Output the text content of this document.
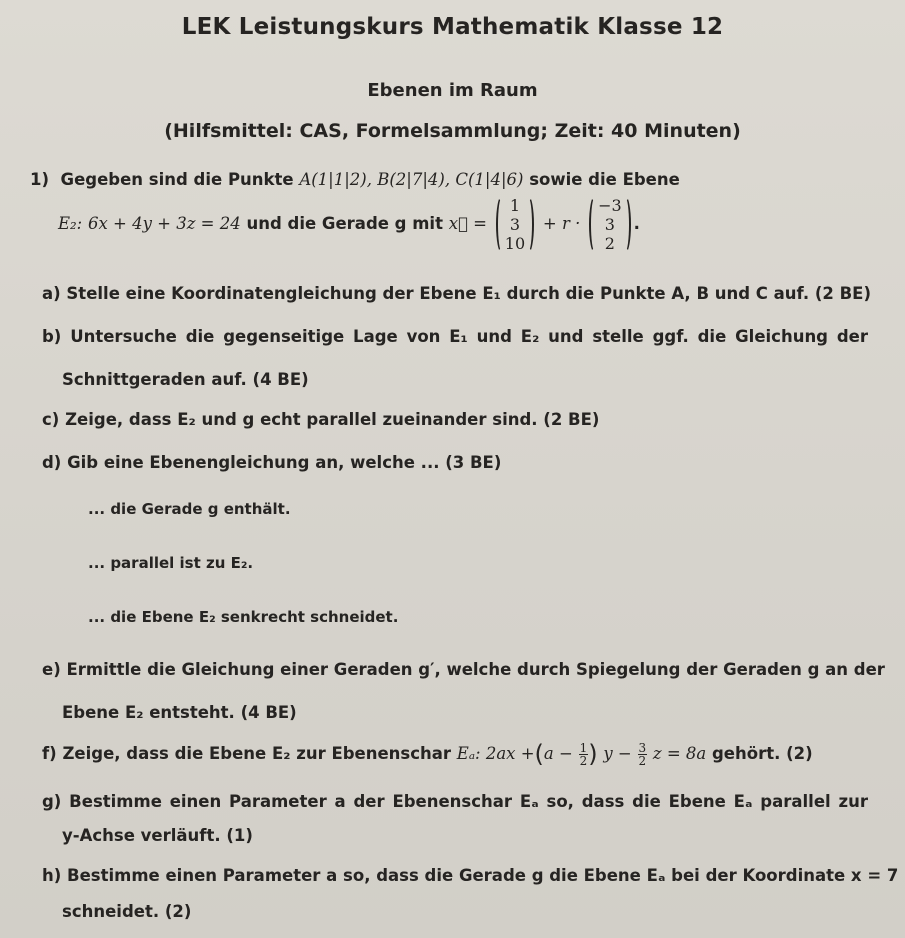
LEK Leistungskurs Mathematik Klasse 12
Ebenen im Raum
(Hilfsmittel: CAS, Formelsammlung; Zeit: 40 Minuten)
1) Gegeben sind die Punkte A(1|1|2), B(2|7|4), C(1|4|6) sowie die Ebene
E₂: 6x + 4y + 3z = 24 und die Gerade g mit x⃗ =
1
3
10
+ r ·
−3
3
2
.
a) Stelle eine Koordinatengleichung der Ebene E₁ durch die Punkte A, B und C auf. (2 BE)
b) Untersuche die gegenseitige Lage von E₁ und E₂ und stelle ggf. die Gleichung der
Schnittgeraden auf. (4 BE)
c) Zeige, dass E₂ und g echt parallel zueinander sind. (2 BE)
d) Gib eine Ebenengleichung an, welche ... (3 BE)
... die Gerade g enthält.
... parallel ist zu E₂.
... die Ebene E₂ senkrecht schneidet.
e) Ermittle die Gleichung einer Geraden g′, welche durch Spiegelung der Geraden g an der
Ebene E₂ entsteht. (4 BE)
f) Zeige, dass die Ebene E₂ zur Ebenenschar Eₐ: $2ax +(a - \frac{1}{2}$ ) $y - \frac{3}{2}$ z = 8a gehört. (2)
g) Bestimme einen Parameter a der Ebenenschar Eₐ so, dass die Ebene Eₐ parallel zur
y-Achse verläuft. (1)
h) Bestimme einen Parameter a so, dass die Gerade g die Ebene Eₐ bei der Koordinate x = 7
schneidet. (2)
